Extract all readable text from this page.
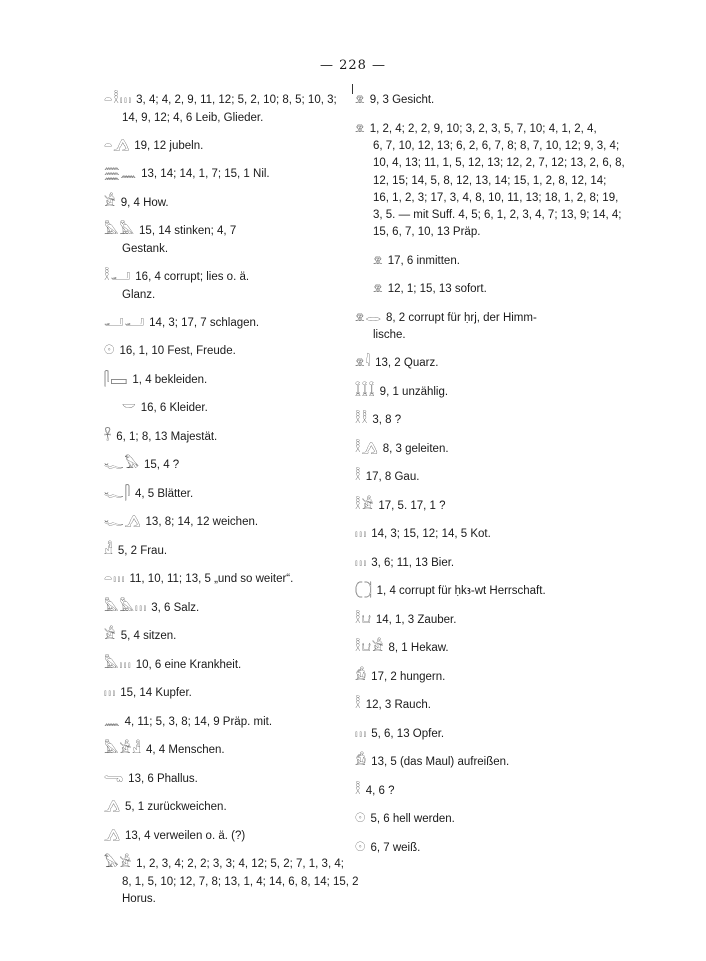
— 228 —
𓏏𓎛𓏥 3, 4; 4, 2, 9, 11, 12; 5, 2, 10; 8, 5; 10, 3;
14, 9, 12; 4, 6 Leib, Glieder.
𓏏𓂻 19, 12 jubeln.
𓈗𓈖 13, 14; 14, 1, 7; 15, 1 Nil.
𓀀 9, 4 How.
𓅓𓅓 15, 14 stinken; 4, 7
Gestank.
𓎛𓂝 16, 4 corrupt; lies o. ä.
Glanz.
𓂝𓂝 14, 3; 17, 7 schlagen.
𓇳 16, 1, 10 Fest, Freude.
𓋴𓈙 1, 4 bekleiden.
𓎟 16, 6 Kleider.
𓋹 6, 1; 8, 13 Majestät.
𓆑𓅃 15, 4 ?
𓆑𓋴 4, 5 Blätter.
𓆑𓂻 13, 8; 14, 12 weichen.
𓁐 5, 2 Frau.
𓏏𓏥 11, 10, 11; 13, 5 „und so weiter“.
𓅓𓅓𓏥 3, 6 Salz.
𓀀 5, 4 sitzen.
𓅓𓏥 10, 6 eine Krankheit.
𓏥 15, 14 Kupfer.
𓈖 4, 11; 5, 3, 8; 14, 9 Präp. mit.
𓅓𓀀𓁐 4, 4 Menschen.
𓂸 13, 6 Phallus.
𓂻 5, 1 zurückweichen.
𓂻 13, 4 verweilen o. ä. (?)
𓅃𓀀 1, 2, 3, 4; 2, 2; 3, 3; 4, 12; 5, 2; 7, 1, 3, 4;
8, 1, 5, 10; 12, 7, 8; 13, 1, 4; 14, 6, 8, 14; 15, 2 Horus.
𓁷 9, 3 Gesicht.
𓁷 1, 2, 4; 2, 2, 9, 10; 3, 2, 3, 5, 7, 10; 4, 1, 2, 4,
6, 7, 10, 12, 13; 6, 2, 6, 7, 8; 8, 7, 10, 12; 9, 3, 4; 10, 4, 13; 11, 1, 5, 12, 13; 12, 2, 7, 12; 13, 2, 6, 8, 12, 15; 14, 5, 8, 12, 13, 14; 15, 1, 2, 8, 12, 14; 16, 1, 2, 3; 17, 3, 4, 8, 10, 11, 13; 18, 1, 2, 8; 19, 3, 5. — mit Suff. 4, 5; 6, 1, 2, 3, 4, 7; 13, 9; 14, 4; 15, 6, 7, 10, 13 Präp.
𓁷 17, 6 inmitten.
𓁷 12, 1; 15, 13 sofort.
𓁷𓂋 8, 2 corrupt für ḥrj, der Himm-
lische.
𓁷𓇋 13, 2 Quarz.
𓆼𓆼𓆼 9, 1 unzählig.
𓎛𓎛 3, 8 ?
𓎛𓂻 8, 3 geleiten.
𓎛 17, 8 Gau.
𓎛𓀀 17, 5. 17, 1 ?
𓏥 14, 3; 15, 12; 14, 5 Kot.
𓏥 3, 6; 11, 13 Bier.
𓍹𓍺 1, 4 corrupt für ḥkꜣ-wt Herrschaft.
𓎛𓂓 14, 1, 3 Zauber.
𓎛𓂓𓀀 8, 1 Hekaw.
𓀁 17, 2 hungern.
𓎛 12, 3 Rauch.
𓏥 5, 6, 13 Opfer.
𓀁 13, 5 (das Maul) aufreißen.
𓎛 4, 6 ?
𓇳 5, 6 hell werden.
𓇳 6, 7 weiß.
